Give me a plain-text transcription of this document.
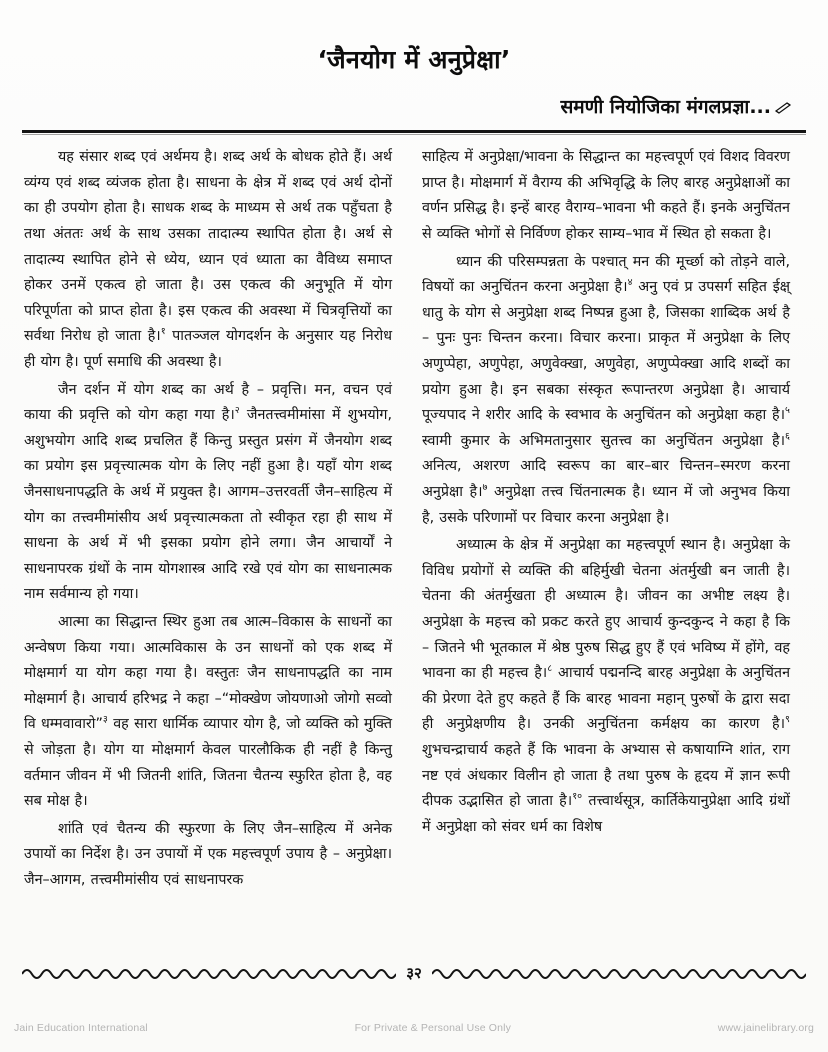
‘जैनयोग में अनुप्रेक्षा’
समणी नियोजिका मंगलप्रज्ञा...

यह संसार शब्द एवं अर्थमय है। शब्द अर्थ के बोधक होते हैं। अर्थ व्यंग्य एवं शब्द व्यंजक होता है। साधना के क्षेत्र में शब्द एवं अर्थ दोनों का ही उपयोग होता है। साधक शब्द के माध्यम से अर्थ तक पहुँचता है तथा अंततः अर्थ के साथ उसका तादात्म्य स्थापित होता है। अर्थ से तादात्म्य स्थापित होने से ध्येय, ध्यान एवं ध्याता का वैविध्य समाप्त होकर उनमें एकत्व हो जाता है। उस एकत्व की अनुभूति में योग परिपूर्णता को प्राप्त होता है। इस एकत्व की अवस्था में चित्रवृत्तियों का सर्वथा निरोध हो जाता है।$^१$ पातञ्जल योगदर्शन के अनुसार यह निरोध ही योग है। पूर्ण समाधि की अवस्था है।

जैन दर्शन में योग शब्द का अर्थ है – प्रवृत्ति। मन, वचन एवं काया की प्रवृत्ति को योग कहा गया है।$^२$ जैनतत्त्वमीमांसा में शुभयोग, अशुभयोग आदि शब्द प्रचलित हैं किन्तु प्रस्तुत प्रसंग में जैनयोग शब्द का प्रयोग इस प्रवृत्त्यात्मक योग के लिए नहीं हुआ है। यहाँ योग शब्द जैनसाधनापद्धति के अर्थ में प्रयुक्त है। आगम–उत्तरवर्ती जैन–साहित्य में योग का तत्त्वमीमांसीय अर्थ प्रवृत्त्यात्मकता तो स्वीकृत रहा ही साथ में साधना के अर्थ में भी इसका प्रयोग होने लगा। जैन आचार्यों ने साधनापरक ग्रंथों के नाम योगशास्त्र आदि रखे एवं योग का साधनात्मक नाम सर्वमान्य हो गया।

आत्मा का सिद्धान्त स्थिर हुआ तब आत्म–विकास के साधनों का अन्वेषण किया गया। आत्मविकास के उन साधनों को एक शब्द में मोक्षमार्ग या योग कहा गया है। वस्तुतः जैन साधनापद्धति का नाम मोक्षमार्ग है। आचार्य हरिभद्र ने कहा –“मोक्खेण जोयणाओ जोगो सव्वो वि धम्मवावारो”$^३$ वह सारा धार्मिक व्यापार योग है, जो व्यक्ति को मुक्ति से जोड़ता है। योग या मोक्षमार्ग केवल पारलौकिक ही नहीं है किन्तु वर्तमान जीवन में भी जितनी शांति, जितना चैतन्य स्फुरित होता है, वह सब मोक्ष है।

शांति एवं चैतन्य की स्फुरणा के लिए जैन–साहित्य में अनेक उपायों का निर्देश है। उन उपायों में एक महत्त्वपूर्ण उपाय है – अनुप्रेक्षा। जैन–आगम, तत्त्वमीमांसीय एवं साधनापरक

साहित्य में अनुप्रेक्षा/भावना के सिद्धान्त का महत्त्वपूर्ण एवं विशद विवरण प्राप्त है। मोक्षमार्ग में वैराग्य की अभिवृद्धि के लिए बारह अनुप्रेक्षाओं का वर्णन प्रसिद्ध है। इन्हें बारह वैराग्य–भावना भी कहते हैं। इनके अनुचिंतन से व्यक्ति भोगों से निर्विण्ण होकर साम्य–भाव में स्थित हो सकता है।

ध्यान की परिसम्पन्नता के पश्चात् मन की मूर्च्छा को तोड़ने वाले, विषयों का अनुचिंतन करना अनुप्रेक्षा है।$^४$ अनु एवं प्र उपसर्ग सहित ईक्ष् धातु के योग से अनुप्रेक्षा शब्द निष्पन्न हुआ है, जिसका शाब्दिक अर्थ है – पुनः पुनः चिन्तन करना। विचार करना। प्राकृत में अनुप्रेक्षा के लिए अणुप्पेहा, अणुपेहा, अणुवेक्खा, अणुवेहा, अणुप्पेक्खा आदि शब्दों का प्रयोग हुआ है। इन सबका संस्कृत रूपान्तरण अनुप्रेक्षा है। आचार्य पूज्यपाद ने शरीर आदि के स्वभाव के अनुचिंतन को अनुप्रेक्षा कहा है।$^५$ स्वामी कुमार के अभिमतानुसार सुतत्त्व का अनुचिंतन अनुप्रेक्षा है।$^६$ अनित्य, अशरण आदि स्वरूप का बार–बार चिन्तन–स्मरण करना अनुप्रेक्षा है।$^७$ अनुप्रेक्षा तत्त्व चिंतनात्मक है। ध्यान में जो अनुभव किया है, उसके परिणामों पर विचार करना अनुप्रेक्षा है।

अध्यात्म के क्षेत्र में अनुप्रेक्षा का महत्त्वपूर्ण स्थान है। अनुप्रेक्षा के विविध प्रयोगों से व्यक्ति की बहिर्मुखी चेतना अंतर्मुखी बन जाती है। चेतना की अंतर्मुखता ही अध्यात्म है। जीवन का अभीष्ट लक्ष्य है। अनुप्रेक्षा के महत्त्व को प्रकट करते हुए आचार्य कुन्दकुन्द ने कहा है कि – जितने भी भूतकाल में श्रेष्ठ पुरुष सिद्ध हुए हैं एवं भविष्य में होंगे, वह भावना का ही महत्त्व है।$^८$ आचार्य पद्मनन्दि बारह अनुप्रेक्षा के अनुचिंतन की प्रेरणा देते हुए कहते हैं कि बारह भावना महान् पुरुषों के द्वारा सदा ही अनुप्रेक्षणीय है। उनकी अनुचिंतना कर्मक्षय का कारण है।$^९$ शुभचन्द्राचार्य कहते हैं कि भावना के अभ्यास से कषायाग्नि शांत, राग नष्ट एवं अंधकार विलीन हो जाता है तथा पुरुष के हृदय में ज्ञान रूपी दीपक उद्भासित हो जाता है।$^{१०}$ तत्त्वार्थसूत्र, कार्तिकेयानुप्रेक्षा आदि ग्रंथों में अनुप्रेक्षा को संवर धर्म का विशेष

३२
Jain Education International	For Private & Personal Use Only	www.jainelibrary.org
